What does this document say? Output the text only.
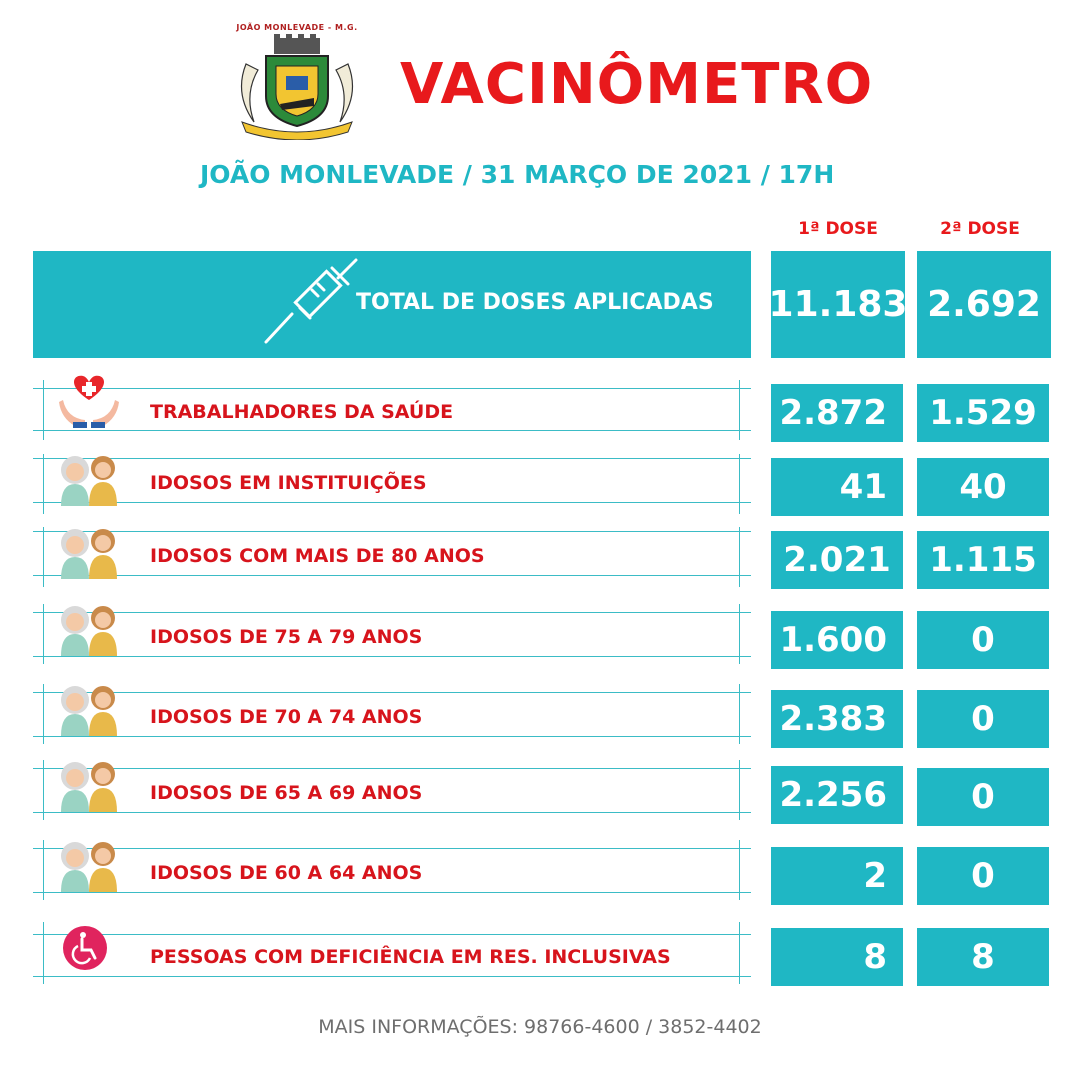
JOÃO MONLEVADE - M.G.
VACINÔMETRO
JOÃO MONLEVADE / 31 MARÇO DE 2021 / 17H
1ª DOSE	2ª DOSE
TOTAL DE DOSES APLICADAS 11.183 2.692
TRABALHADORES DA SAÚDE	2.872	1.529
IDOSOS EM INSTITUIÇÕES	41	40
IDOSOS COM MAIS DE 80 ANOS	2.021	1.115
IDOSOS DE 75 A 79 ANOS	1.600	0
IDOSOS DE 70 A 74 ANOS	2.383	0
IDOSOS DE 65 A 69 ANOS	2.256	0
IDOSOS DE 60 A 64 ANOS	2	0
PESSOAS COM DEFICIÊNCIA EM RES. INCLUSIVAS	8	8
MAIS INFORMAÇÕES: 98766-4600 / 3852-4402
